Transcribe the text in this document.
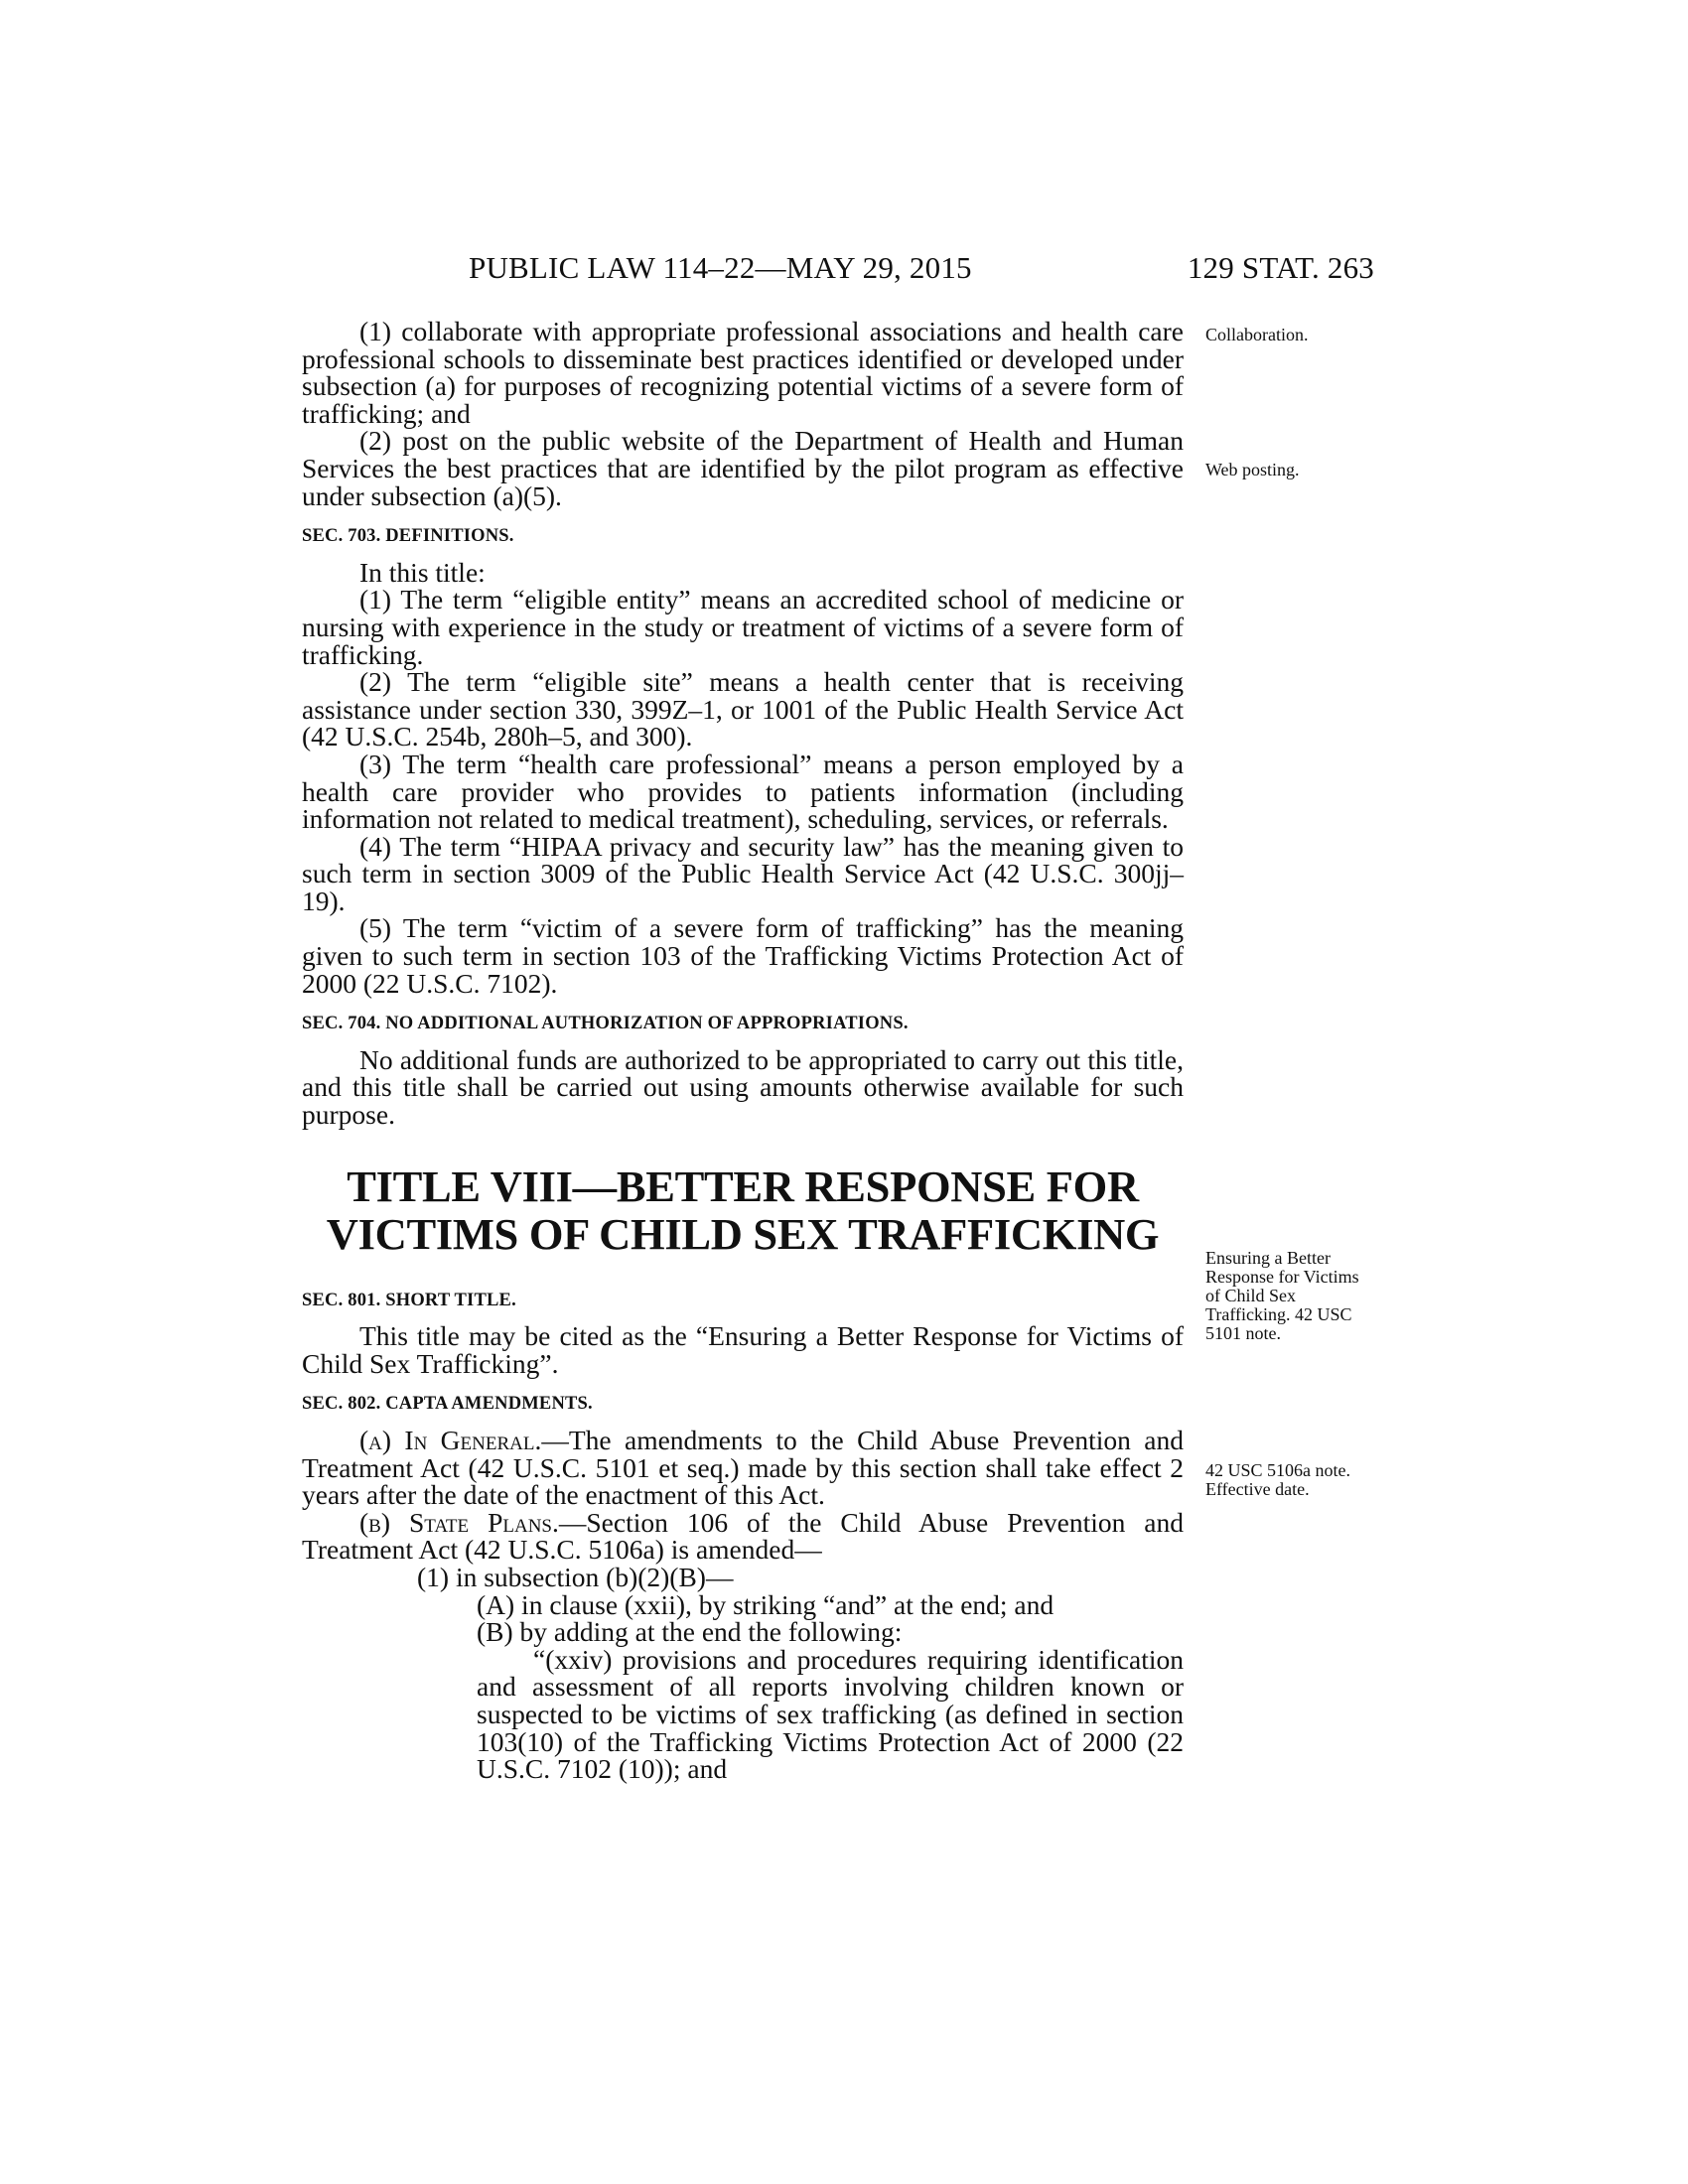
PUBLIC LAW 114–22—MAY 29, 2015	129 STAT. 263
Collaboration.
Web posting.
Ensuring a Better Response for Victims of Child Sex Trafficking. 42 USC 5101 note.
42 USC 5106a note. Effective date.

(1) collaborate with appropriate professional associations and health care professional schools to disseminate best practices identified or developed under subsection (a) for purposes of recognizing potential victims of a severe form of trafficking; and

(2) post on the public website of the Department of Health and Human Services the best practices that are identified by the pilot program as effective under subsection (a)(5).

SEC. 703. DEFINITIONS.

In this title:

(1) The term “eligible entity” means an accredited school of medicine or nursing with experience in the study or treatment of victims of a severe form of trafficking.

(2) The term “eligible site” means a health center that is receiving assistance under section 330, 399Z–1, or 1001 of the Public Health Service Act (42 U.S.C. 254b, 280h–5, and 300).

(3) The term “health care professional” means a person employed by a health care provider who provides to patients information (including information not related to medical treatment), scheduling, services, or referrals.

(4) The term “HIPAA privacy and security law” has the meaning given to such term in section 3009 of the Public Health Service Act (42 U.S.C. 300jj–19).

(5) The term “victim of a severe form of trafficking” has the meaning given to such term in section 103 of the Trafficking Victims Protection Act of 2000 (22 U.S.C. 7102).

SEC. 704. NO ADDITIONAL AUTHORIZATION OF APPROPRIATIONS.

No additional funds are authorized to be appropriated to carry out this title, and this title shall be carried out using amounts otherwise available for such purpose.

TITLE VIII—BETTER RESPONSE FOR
VICTIMS OF CHILD SEX TRAFFICKING
SEC. 801. SHORT TITLE.

This title may be cited as the “Ensuring a Better Response for Victims of Child Sex Trafficking”.

SEC. 802. CAPTA AMENDMENTS.

(a) In General.—The amendments to the Child Abuse Prevention and Treatment Act (42 U.S.C. 5101 et seq.) made by this section shall take effect 2 years after the date of the enactment of this Act.

(b) State Plans.—Section 106 of the Child Abuse Prevention and Treatment Act (42 U.S.C. 5106a) is amended—

(1) in subsection (b)(2)(B)—

(A) in clause (xxii), by striking “and” at the end; and

(B) by adding at the end the following:

“(xxiv) provisions and procedures requiring identification and assessment of all reports involving children known or suspected to be victims of sex trafficking (as defined in section 103(10) of the Trafficking Victims Protection Act of 2000 (22 U.S.C. 7102 (10)); and
